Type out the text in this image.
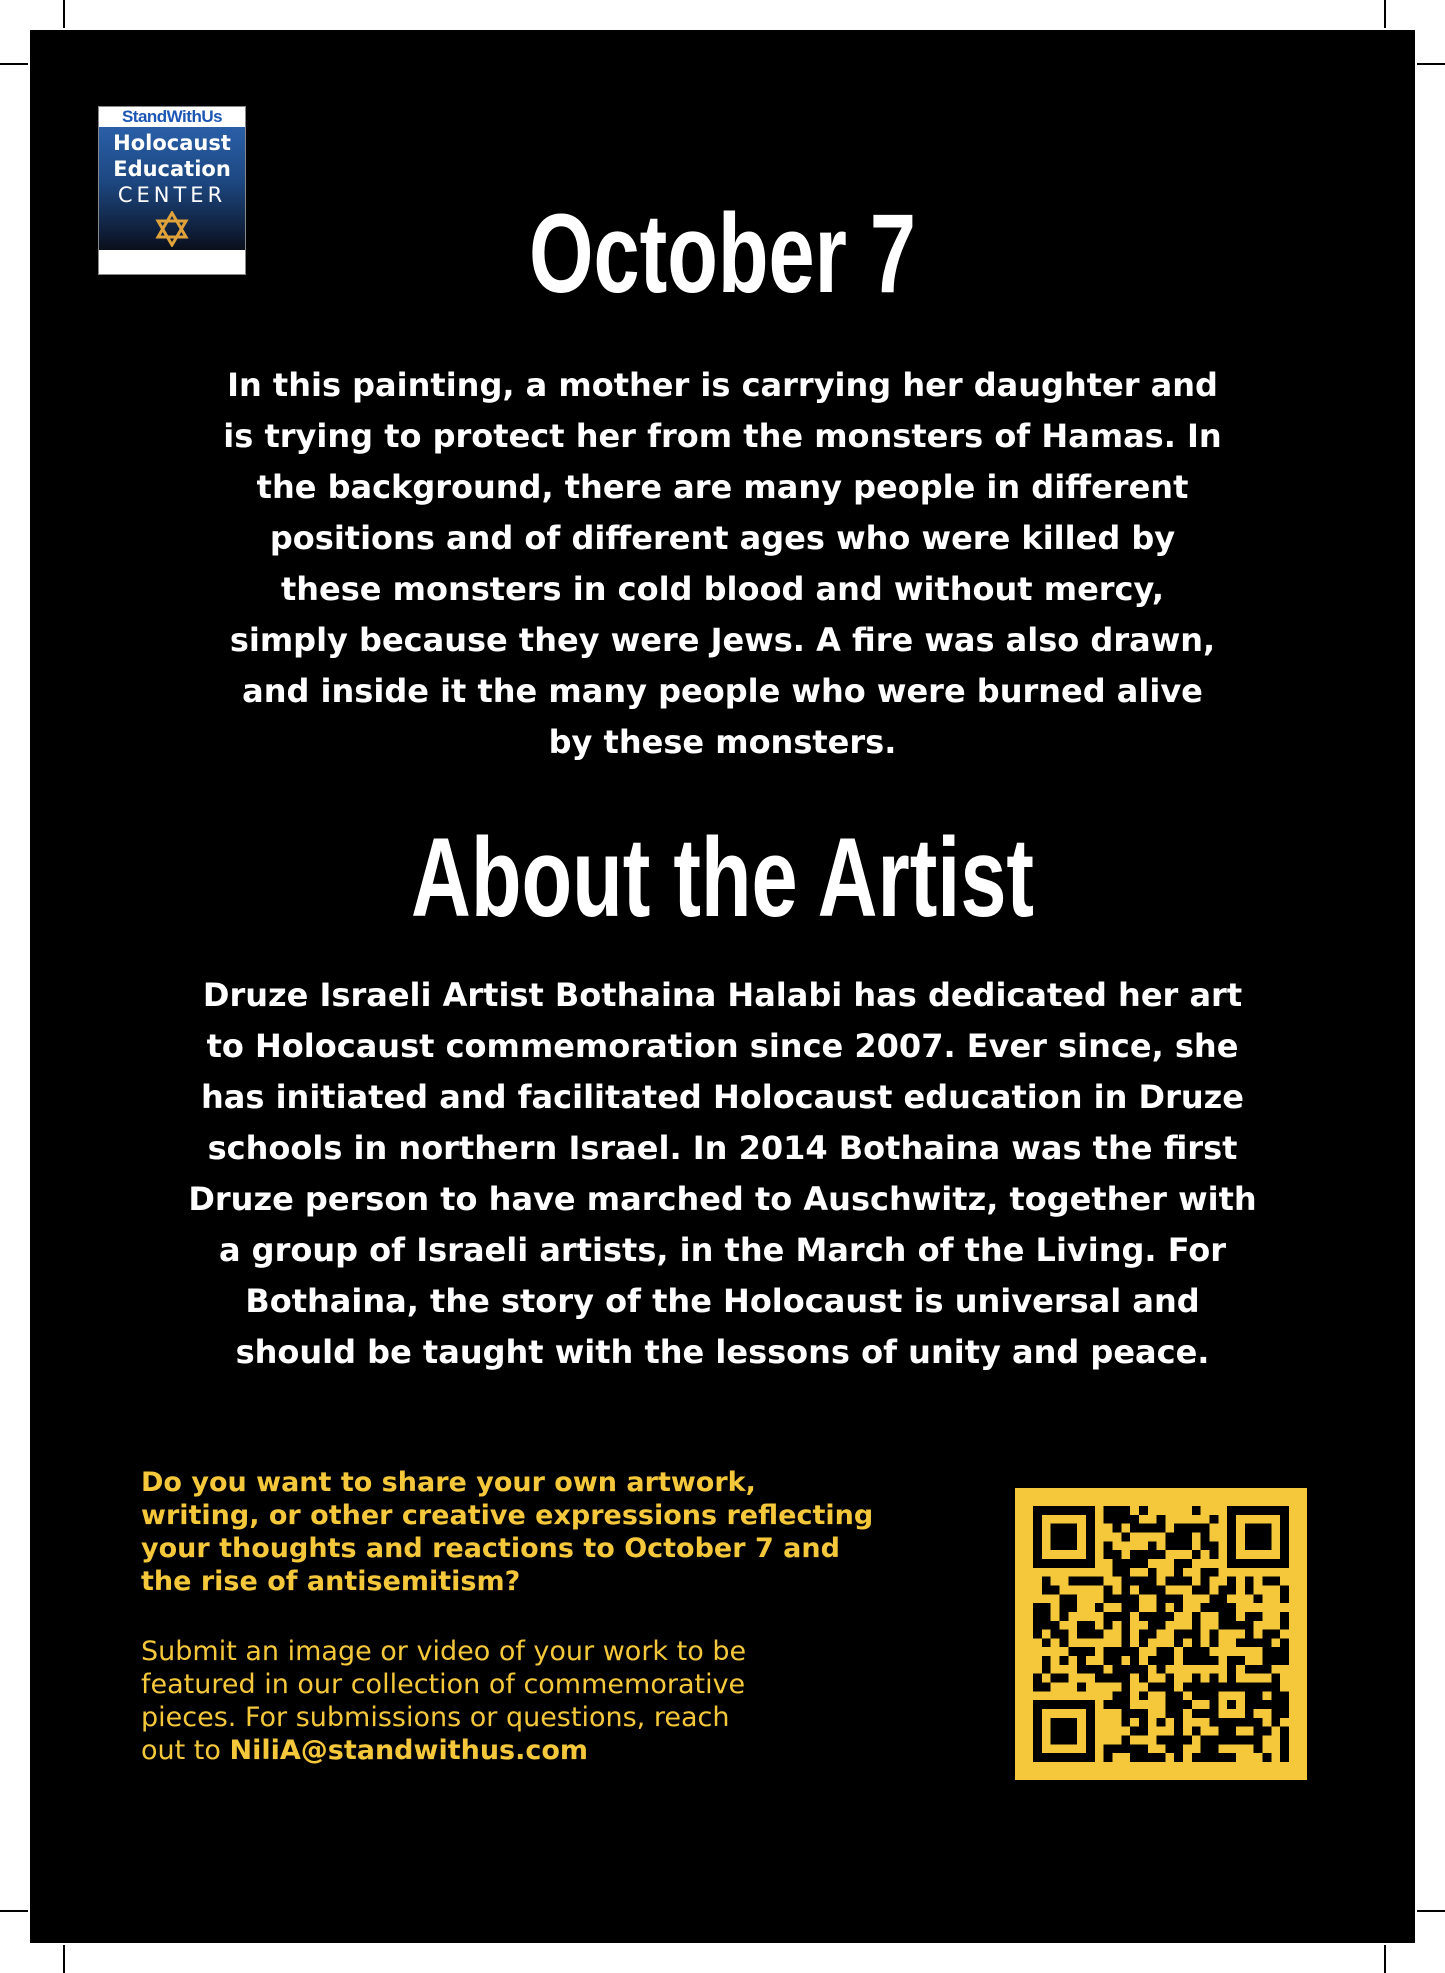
StandWithUs
Holocaust
Education
CENTER	October 7

In this painting, a mother is carrying her daughter and
is trying to protect her from the monsters of Hamas. In
the background, there are many people in different
positions and of different ages who were killed by
these monsters in cold blood and without mercy,
simply because they were Jews. A fire was also drawn,
and inside it the many people who were burned alive
by these monsters.

About the Artist

Druze Israeli Artist Bothaina Halabi has dedicated her art
to Holocaust commemoration since 2007. Ever since, she
has initiated and facilitated Holocaust education in Druze
schools in northern Israel. In 2014 Bothaina was the first
Druze person to have marched to Auschwitz, together with
a group of Israeli artists, in the March of the Living. For
Bothaina, the story of the Holocaust is universal and
should be taught with the lessons of unity and peace.

Do you want to share your own artwork,
writing, or other creative expressions reflecting
your thoughts and reactions to October 7 and
the rise of antisemitism?

Submit an image or video of your work to be
featured in our collection of commemorative
pieces. For submissions or questions, reach
out to NiliA@standwithus.com
